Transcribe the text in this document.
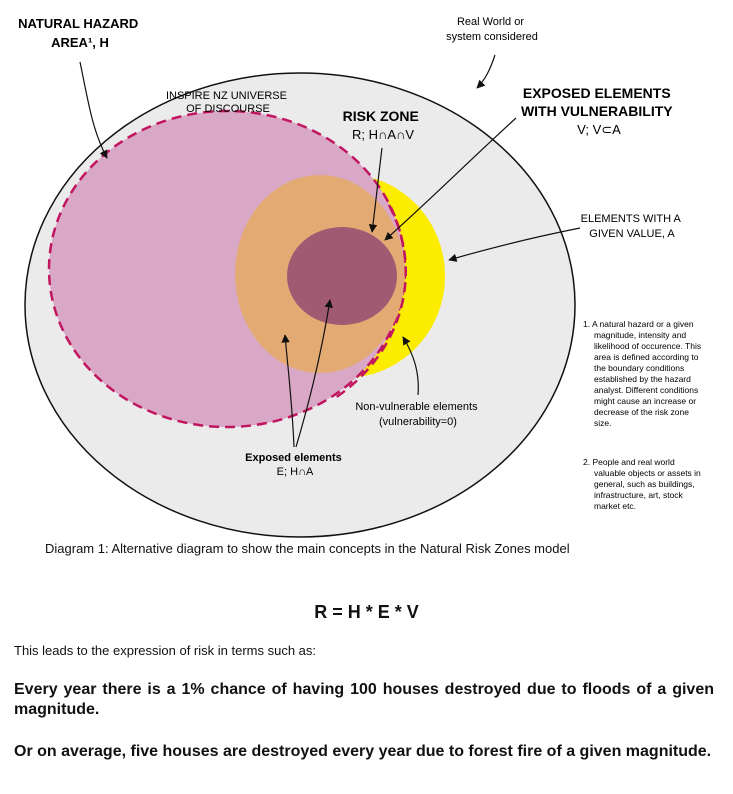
NATURAL HAZARD AREA¹, H
Real World or system considered
INSPIRE NZ UNIVERSE OF DISCOURSE	RISK ZONE R; H∩A∩V
EXPOSED ELEMENTS WITH VULNERABILITY V; V⊂A
ELEMENTS WITH A GIVEN VALUE, A
Non-vulnerable elements (vulnerability=0)
Exposed elements E; H∩A
1. A natural hazard or a given magnitude, intensity and likelihood of occurence. This area is defined according to the boundary conditions established by the hazard analyst. Different conditions might cause an increase or decrease of the risk zone size.
2. People and real world valuable objects or assets in general, such as buildings, infrastructure, art, stock market etc.
Diagram 1: Alternative diagram to show the main concepts in the Natural Risk Zones model
R = H * E * V
This leads to the expression of risk in terms such as:
Every year there is a 1% chance of having 100 houses destroyed due to floods of a given magnitude.
Or on average, five houses are destroyed every year due to forest fire of a given magnitude.
